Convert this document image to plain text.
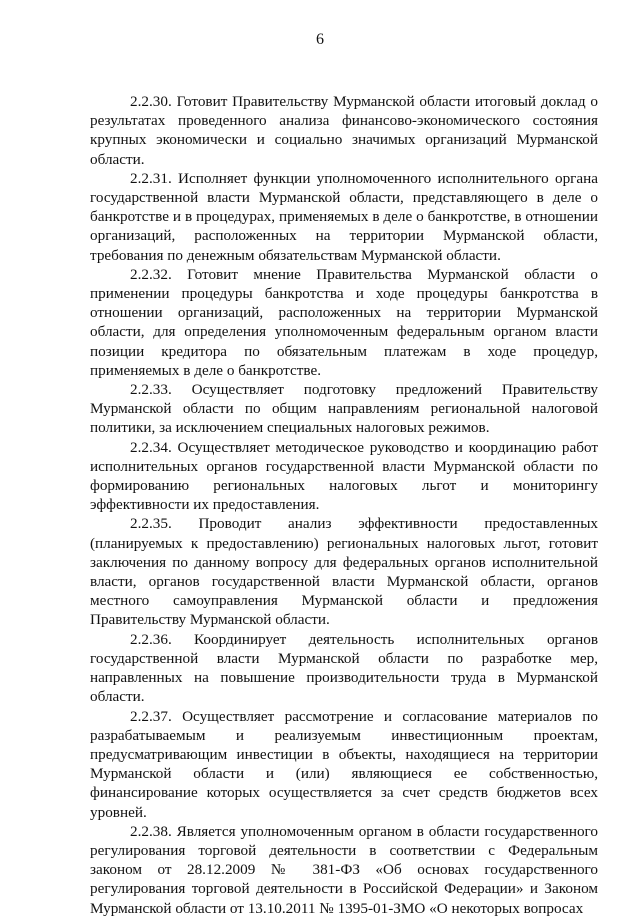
6

2.2.30. Готовит Правительству Мурманской области итоговый доклад о результатах проведенного анализа финансово-экономического состояния крупных экономически и социально значимых организаций Мурманской области.

2.2.31. Исполняет функции уполномоченного исполнительного органа государственной власти Мурманской области, представляющего в деле о банкротстве и в процедурах, применяемых в деле о банкротстве, в отношении организаций, расположенных на территории Мурманской области, требования по денежным обязательствам Мурманской области.

2.2.32. Готовит мнение Правительства Мурманской области о применении процедуры банкротства и ходе процедуры банкротства в отношении организаций, расположенных на территории Мурманской области, для определения уполномоченным федеральным органом власти позиции кредитора по обязательным платежам в ходе процедур, применяемых в деле о банкротстве.

2.2.33. Осуществляет подготовку предложений Правительству Мурманской области по общим направлениям региональной налоговой политики, за исключением специальных налоговых режимов.

2.2.34. Осуществляет методическое руководство и координацию работ исполнительных органов государственной власти Мурманской области по формированию региональных налоговых льгот и мониторингу эффективности их предоставления.

2.2.35. Проводит анализ эффективности предоставленных (планируемых к предоставлению) региональных налоговых льгот, готовит заключения по данному вопросу для федеральных органов исполнительной власти, органов государственной власти Мурманской области, органов местного самоуправления Мурманской области и предложения Правительству Мурманской области.

2.2.36. Координирует деятельность исполнительных органов государственной власти Мурманской области по разработке мер, направленных на повышение производительности труда в Мурманской области.

2.2.37. Осуществляет рассмотрение и согласование материалов по разрабатываемым и реализуемым инвестиционным проектам, предусматривающим инвестиции в объекты, находящиеся на территории Мурманской области и (или) являющиеся ее собственностью, финансирование которых осуществляется за счет средств бюджетов всех уровней.

2.2.38. Является уполномоченным органом в области государственного регулирования торговой деятельности в соответствии с Федеральным законом от 28.12.2009 № 381-ФЗ «Об основах государственного регулирования торговой деятельности в Российской Федерации» и Законом Мурманской области от 13.10.2011 № 1395-01-ЗМО «О некоторых вопросах
